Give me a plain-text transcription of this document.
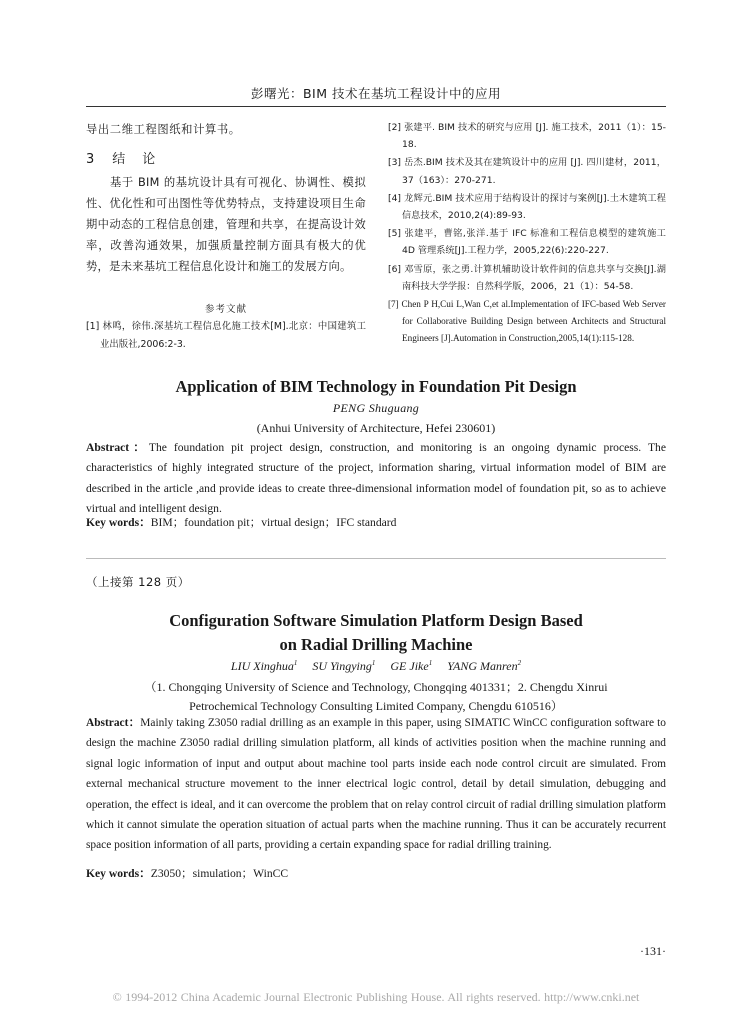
彭曙光：BIM 技术在基坑工程设计中的应用

导出二维工程图纸和计算书。

3 结　论

基于 BIM 的基坑设计具有可视化、协调性、模拟性、优化性和可出图性等优势特点，支持建设项目生命期中动态的工程信息创建，管理和共享，在提高设计效率，改善沟通效果，加强质量控制方面具有极大的优势，是未来基坑工程信息化设计和施工的发展方向。

参考文献

[1] 林鸣，徐伟.深基坑工程信息化施工技术[M].北京：中国建筑工业出版社,2006:2-3.

[2] 张建平. BIM 技术的研究与应用 [J]. 施工技术，2011（1）：15-18.

[3] 岳杰.BIM 技术及其在建筑设计中的应用 [J]. 四川建材，2011，37（163）：270-271.

[4] 龙辉元.BIM 技术应用于结构设计的探讨与案例[J].土木建筑工程信息技术，2010,2(4):89-93.

[5] 张建平，曹铭,张洋.基于 IFC 标准和工程信息模型的建筑施工 4D 管理系统[J].工程力学，2005,22(6):220-227.

[6] 邓雪原，张之勇.计算机辅助设计软件间的信息共享与交换[J].湖南科技大学学报：自然科学版，2006，21（1）：54-58.

[7] Chen P H,Cui L,Wan C,et al.Implementation of IFC-based Web Server for Collaborative Building Design between Architects and Structural Engineers [J].Automation in Construction,2005,14(1):115-128.

Application of BIM Technology in Foundation Pit Design
PENG Shuguang
(Anhui University of Architecture, Hefei 230601)

Abstract：The foundation pit project design, construction, and monitoring is an ongoing dynamic process. The characteristics of highly integrated structure of the project, information sharing, virtual information model of BIM are described in the article ,and provide ideas to create three-dimensional information model of foundation pit, so as to achieve virtual and intelligent design.

Key words：BIM；foundation pit；virtual design；IFC standard

（上接第 128 页）
Configuration Software Simulation Platform Design Based
on Radial Drilling Machine
LIU Xinghua$^1$ SU Yingying$^1$ GE Jike$^1$ YANG Manren$^2$
（1. Chongqing University of Science and Technology, Chongqing 401331；2. Chengdu Xinrui
Petrochemical Technology Consulting Limited Company, Chengdu 610516）

Abstract：Mainly taking Z3050 radial drilling as an example in this paper, using SIMATIC WinCC configuration software to design the machine Z3050 radial drilling simulation platform, all kinds of activities position when the machine running and signal logic information of input and output about machine tool parts inside each node control circuit are simulated. From external mechanical structure movement to the inner electrical logic control, detail by detail simulation, debugging and operation, the effect is ideal, and it can overcome the problem that on relay control circuit of radial drilling simulation platform which it cannot simulate the operation situation of actual parts when the machine running. Thus it can be accurately recurrent space position information of all parts, providing a certain expanding space for radial drilling training.

Key words：Z3050；simulation；WinCC

·131·
© 1994-2012 China Academic Journal Electronic Publishing House. All rights reserved. http://www.cnki.net
